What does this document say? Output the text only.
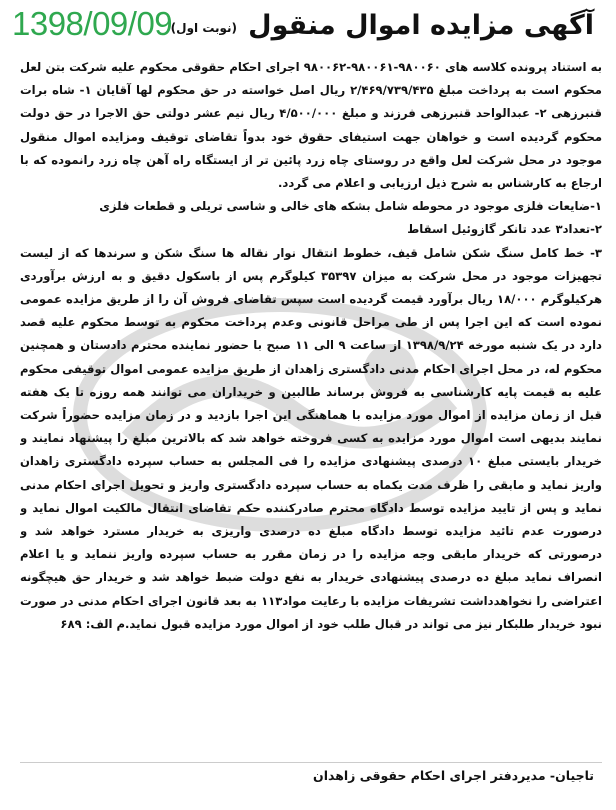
1398/09/09	آگهی مزایده اموال منقول (نوبت اول)

به استناد پرونده کلاسه های ۹۸۰۰۶۰-۹۸۰۰۶۱-۹۸۰۰۶۲ اجرای احکام حقوقی محکوم علیه شرکت بتن لعل محکوم است به پرداخت مبلغ ۲/۴۶۹/۷۳۹/۴۳۵ ریال اصل خواسته در حق محکوم لها آقایان ۱- شاه برات قنبرزهی ۲- عبدالواحد قنبرزهی فرزند و مبلغ ۴/۵۰۰/۰۰۰ ریال نیم عشر دولتی حق الاجرا در حق دولت محکوم گردیده است و خواهان جهت استیفای حقوق خود بدواً تقاضای توقیف ومزایده اموال منقول موجود در محل شرکت لعل واقع در روستای چاه زرد پائین تر از ایستگاه راه آهن چاه زرد رانموده که با ارجاع به کارشناس به شرح ذیل ارزیابی و اعلام می گردد.

۱-ضایعات فلزی موجود در محوطه شامل بشکه های خالی و شاسی تریلی و قطعات فلزی

۲-تعداد۳ عدد تانکر گازوئیل اسقاط

۳- خط کامل سنگ شکن شامل قیف، خطوط انتقال نوار نقاله ها سنگ شکن و سرندها که از لیست تجهیزات موجود در محل شرکت به میزان ۳۵۳۹۷ کیلوگرم پس از باسکول دقیق و به ارزش برآوردی هرکیلوگرم ۱۸/۰۰۰ ریال برآورد قیمت گردیده است سپس تقاضای فروش آن را از طریق مزایده عمومی نموده است که این اجرا پس از طی مراحل قانونی وعدم پرداخت محکوم به توسط محکوم علیه قصد دارد در یک شنبه مورخه ۱۳۹۸/۹/۲۴ از ساعت ۹ الی ۱۱ صبح با حضور نماینده محترم دادستان و همچنین محکوم له، در محل اجرای احکام مدنی دادگستری زاهدان از طریق مزایده عمومی اموال توقیفی محکوم علیه به قیمت پایه کارشناسی به فروش برساند طالبین و خریداران می توانند همه روزه تا یک هفته قبل از زمان مزایده از اموال مورد مزایده با هماهنگی این اجرا بازدید و در زمان مزایده حضوراً شرکت نمایند بدیهی است اموال مورد مزایده به کسی فروخته خواهد شد که بالاترین مبلغ را پیشنهاد نمایند و خریدار بایستی مبلغ ۱۰ درصدی پیشنهادی مزایده را فی المجلس به حساب سپرده دادگستری زاهدان واریز نماید و مابقی را ظرف مدت یکماه به حساب سپرده دادگستری واریز و تحویل اجرای احکام مدنی نماید و پس از تایید مزایده توسط دادگاه محترم صادرکننده حکم تقاضای انتقال مالکیت اموال نماید و درصورت عدم تائید مزایده توسط دادگاه مبلغ ده درصدی واریزی به خریدار مسترد خواهد شد و درصورتی که خریدار مابقی وجه مزایده را در زمان مقرر به حساب سپرده واریز ننماید و یا اعلام انصراف نماید مبلغ ده درصدی پیشنهادی خریدار به نفع دولت ضبط خواهد شد و خریدار حق هیچگونه اعتراضی را نخواهدداشت تشریفات مزایده با رعایت مواد۱۱۳ به بعد قانون اجرای احکام مدنی در صورت نبود خریدار طلبکار نیز می تواند در قبال طلب خود از اموال مورد مزایده قبول نماید.م الف: ۶۸۹

تاجیان- مدیردفتر اجرای احکام حقوقی زاهدان
